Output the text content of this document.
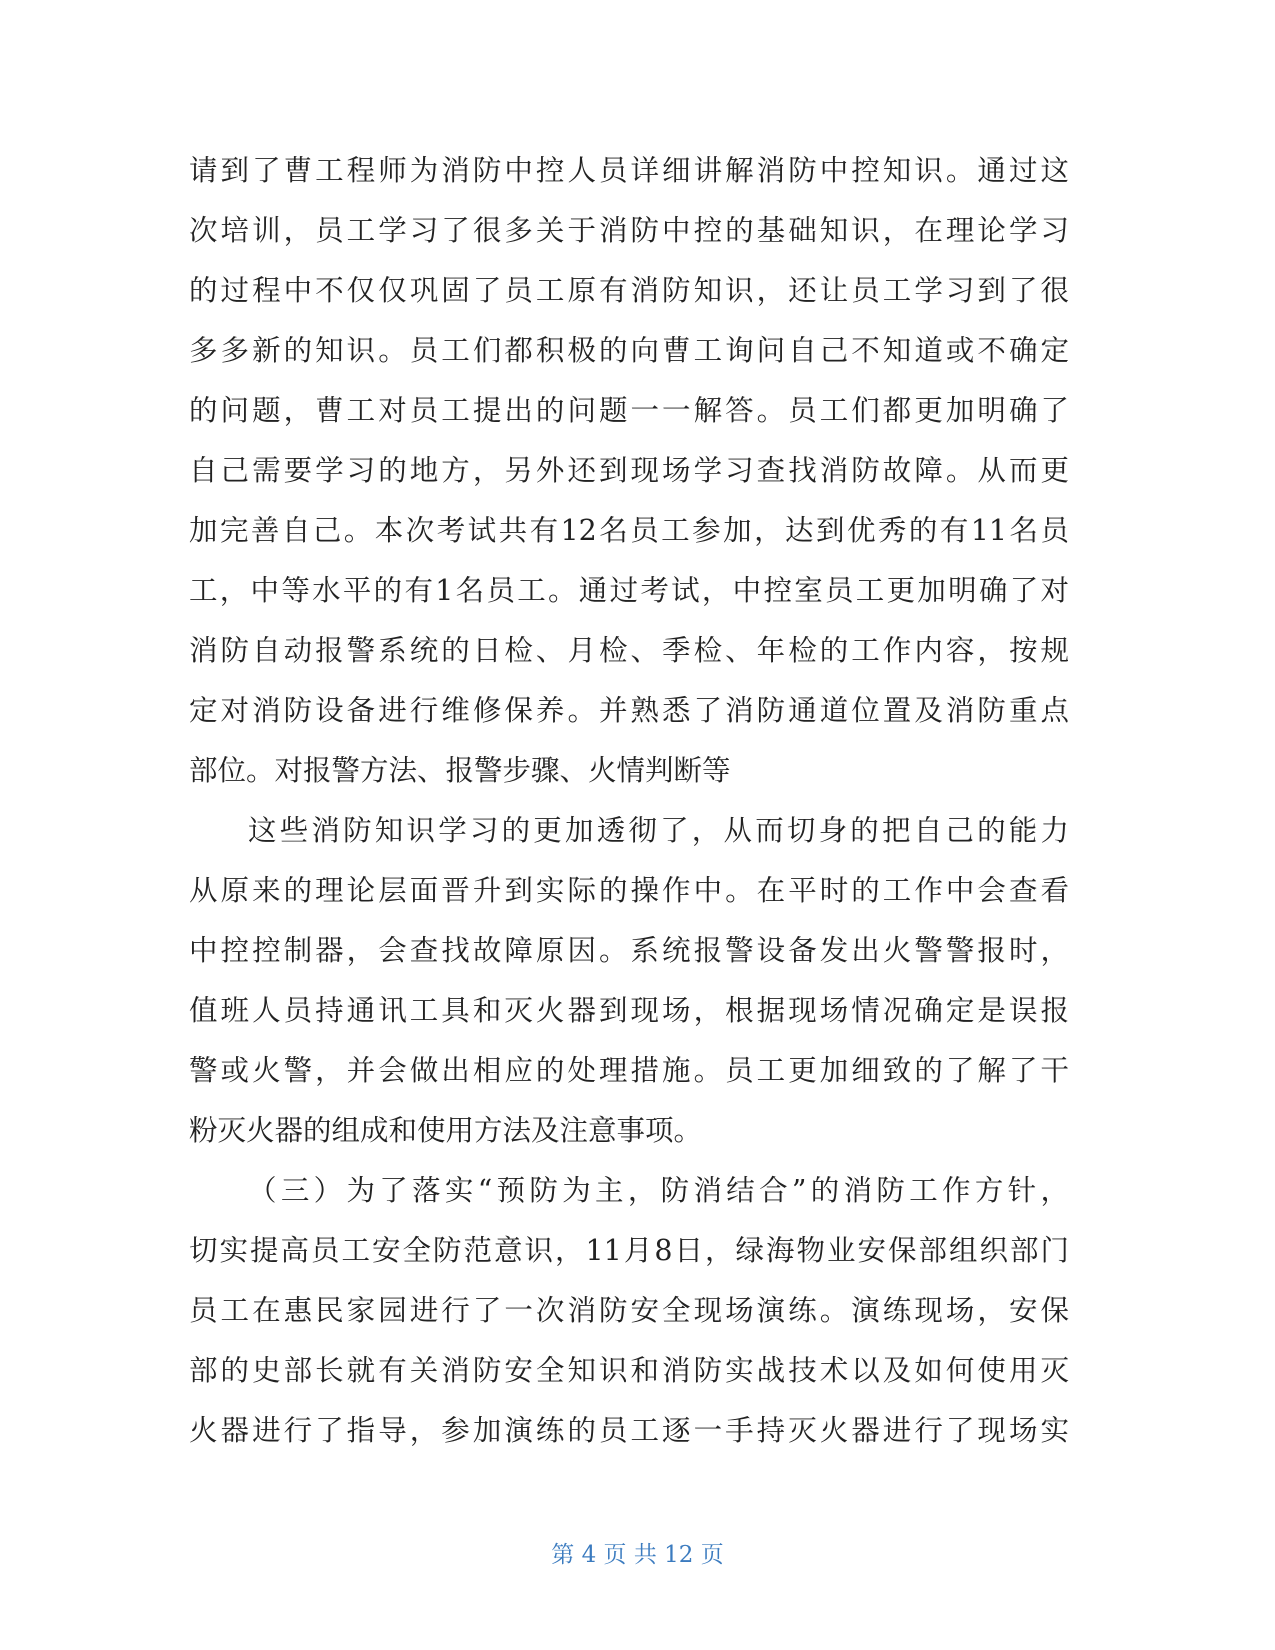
请到了曹工程师为消防中控人员详细讲解消防中控知识。通过这
次培训，员工学习了很多关于消防中控的基础知识，在理论学习
的过程中不仅仅巩固了员工原有消防知识，还让员工学习到了很
多多新的知识。员工们都积极的向曹工询问自己不知道或不确定
的问题，曹工对员工提出的问题一一解答。员工们都更加明确了
自己需要学习的地方，另外还到现场学习查找消防故障。从而更
加完善自己。本次考试共有12名员工参加，达到优秀的有11名员
工，中等水平的有1名员工。通过考试，中控室员工更加明确了对
消防自动报警系统的日检、月检、季检、年检的工作内容，按规
定对消防设备进行维修保养。并熟悉了消防通道位置及消防重点
部位。对报警方法、报警步骤、火情判断等
这些消防知识学习的更加透彻了，从而切身的把自己的能力
从原来的理论层面晋升到实际的操作中。在平时的工作中会查看
中控控制器，会查找故障原因。系统报警设备发出火警警报时，
值班人员持通讯工具和灭火器到现场，根据现场情况确定是误报
警或火警，并会做出相应的处理措施。员工更加细致的了解了干
粉灭火器的组成和使用方法及注意事项。
（三）为了落实“预防为主，防消结合”的消防工作方针，
切实提高员工安全防范意识，11月8日，绿海物业安保部组织部门
员工在惠民家园进行了一次消防安全现场演练。演练现场，安保
部的史部长就有关消防安全知识和消防实战技术以及如何使用灭
火器进行了指导，参加演练的员工逐一手持灭火器进行了现场实
第 4 页 共 12 页
